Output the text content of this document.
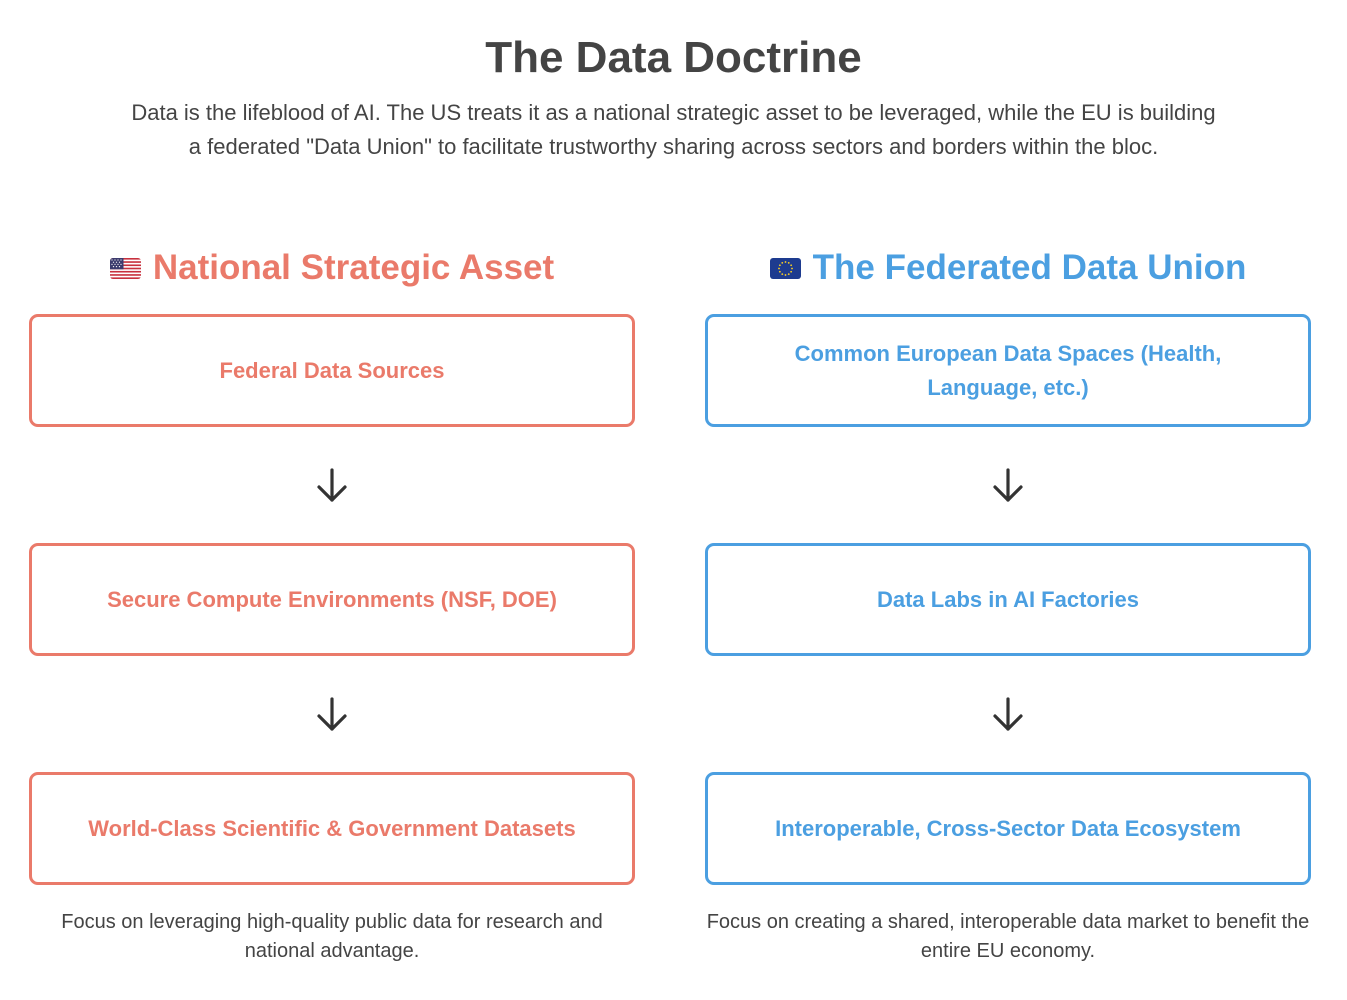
The Data Doctrine

Data is the lifeblood of AI. The US treats it as a national strategic asset to be leveraged, while the EU is building a federated "Data Union" to facilitate trustworthy sharing across sectors and borders within the bloc.

National Strategic Asset
Federal Data Sources
Secure Compute Environments (NSF, DOE)
World-Class Scientific & Government Datasets

Focus on leveraging high-quality public data for research and national advantage.

The Federated Data Union
Common European Data Spaces (Health, Language, etc.)
Data Labs in AI Factories
Interoperable, Cross-Sector Data Ecosystem

Focus on creating a shared, interoperable data market to benefit the entire EU economy.
